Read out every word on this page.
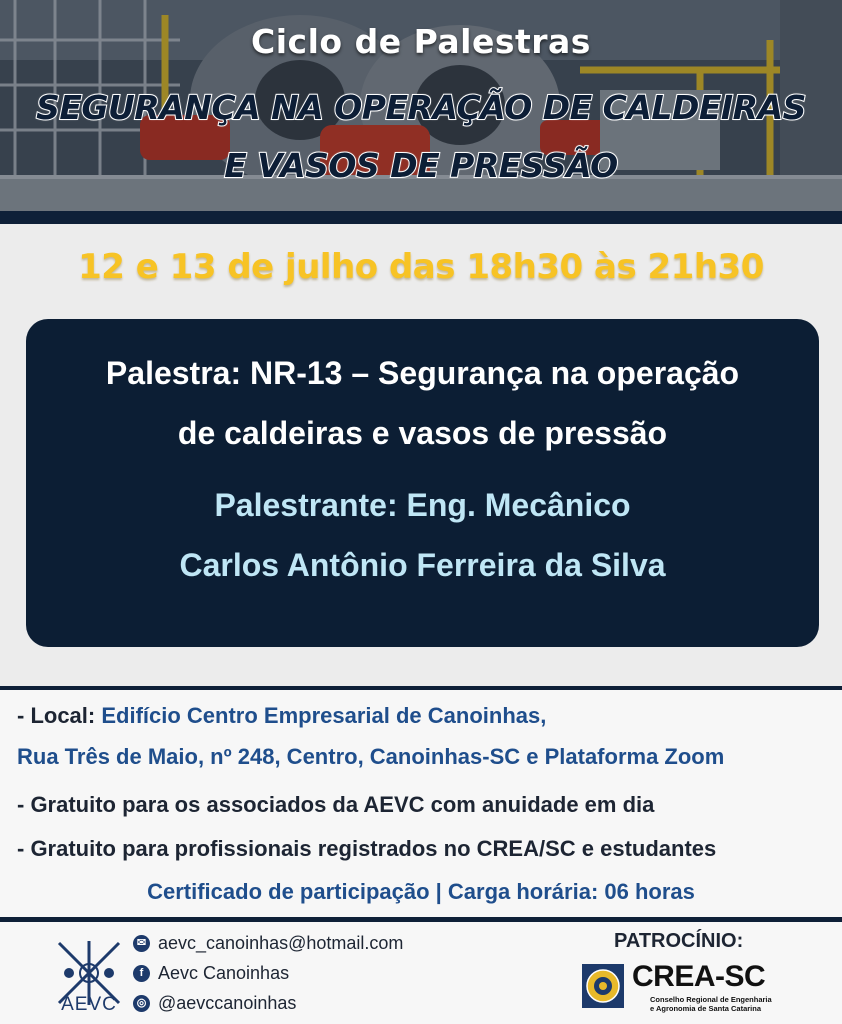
Ciclo de Palestras
SEGURANÇA NA OPERAÇÃO DE CALDEIRAS
E VASOS DE PRESSÃO
12 e 13 de julho das 18h30 às 21h30
Palestra: NR-13 – Segurança na operação
de caldeiras e vasos de pressão
Palestrante: Eng. Mecânico
Carlos Antônio Ferreira da Silva
- Local: Edifício Centro Empresarial de Canoinhas,
Rua Três de Maio, nº 248, Centro, Canoinhas-SC e Plataforma Zoom
- Gratuito para os associados da AEVC com anuidade em dia
- Gratuito para profissionais registrados no CREA/SC e estudantes
Certificado de participação | Carga horária: 06 horas
AEVC
✉ aevc_canoinhas@hotmail.com
f Aevc Canoinhas
◎ @aevccanoinhas
PATROCÍNIO:
CREA-SC
Conselho Regional de Engenharia
e Agronomia de Santa Catarina
